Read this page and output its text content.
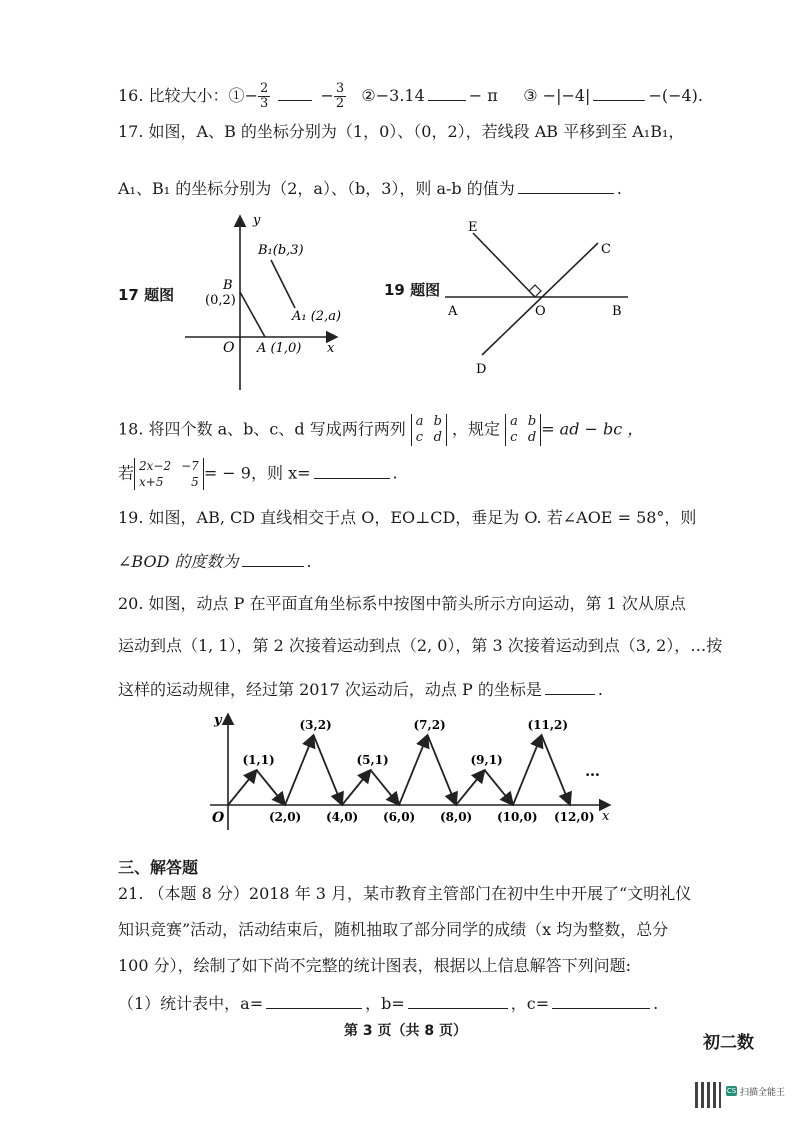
16. 比较大小：①− $\frac{2}{3}$	− $\frac{3}{2}$ ②−3.14	− π ③ −|−4|	−(−4).
17. 如图，A、B 的坐标分别为（1，0）、（0，2），若线段 AB 平移到至 A₁B₁，
A₁、B₁ 的坐标分别为（2，a）、（b，3），则 a-b 的值为	.
y
x
O
B
(0,2)
A (1,0)
B₁(b,3)
A₁ (2,a)
17 题图	19 题图
E
C
A	O	B
D
18. 将四个数 a、b、c、d 写成两行两列 a b
c d ，规定 a b
c d = ad − bc ，
若 2x−2 −7
x+5 5 = − 9，则 x=	.
19. 如图，AB, CD 直线相交于点 O，EO⊥CD，垂足为 O. 若∠AOE = 58°，则
∠BOD 的度数为	.
20. 如图，动点 P 在平面直角坐标系中按图中箭头所示方向运动，第 1 次从原点
运动到点（1, 1），第 2 次接着运动到点（2, 0），第 3 次接着运动到点（3, 2），…按
这样的运动规律，经过第 2017 次运动后，动点 P 的坐标是	.
y
x
O
…
(1,1)
(3,2)
(5,1)
(7,2)
(9,1)
(11,2)
(2,0) (4,0) (6,0) (8,0) (10,0) (12,0)
三、解答题
21. （本题 8 分）2018 年 3 月，某市教育主管部门在初中生中开展了“文明礼仪
知识竞赛”活动，活动结束后，随机抽取了部分同学的成绩（x 均为整数，总分
100 分），绘制了如下尚不完整的统计图表，根据以上信息解答下列问题:
（1）统计表中，a=	，b=	，c=	.
第 3 页（共 8 页）
初二数
CS 扫描全能王
